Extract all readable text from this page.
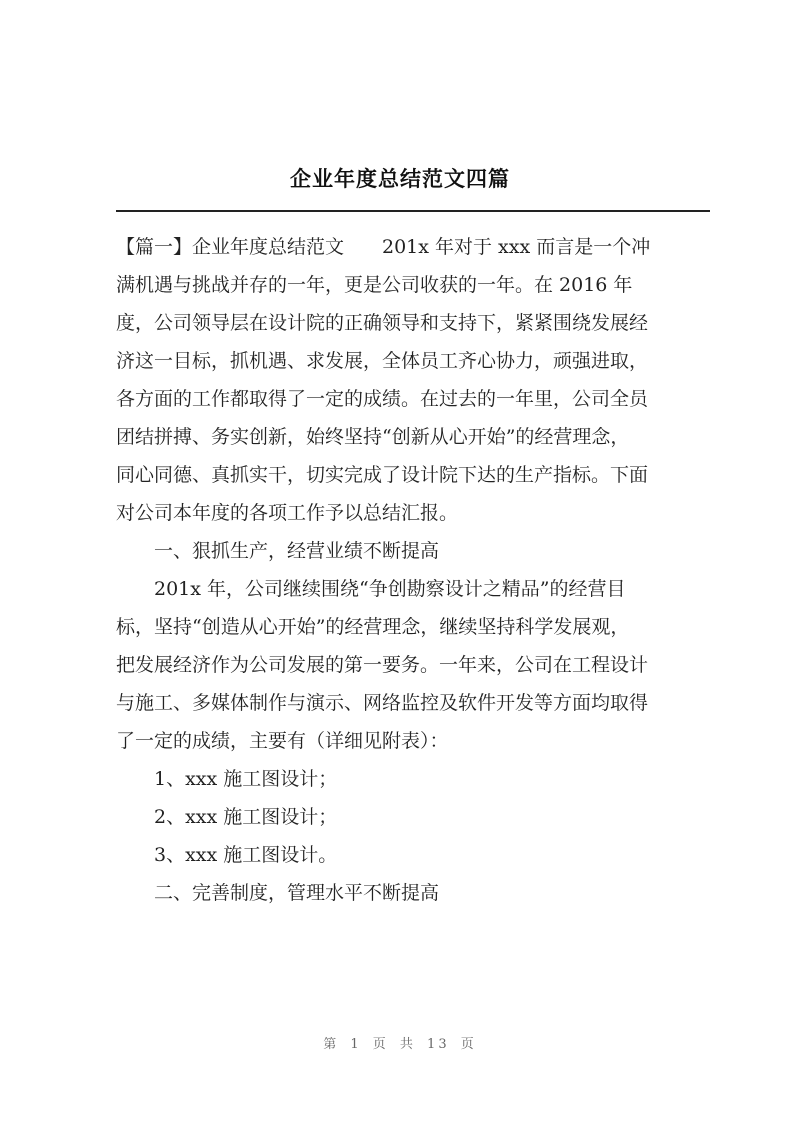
企业年度总结范文四篇

【篇一】企业年度总结范文　　201x 年对于 xxx 而言是一个冲

满机遇与挑战并存的一年，更是公司收获的一年。在 2016 年

度，公司领导层在设计院的正确领导和支持下，紧紧围绕发展经

济这一目标，抓机遇、求发展，全体员工齐心协力，顽强进取，

各方面的工作都取得了一定的成绩。在过去的一年里，公司全员

团结拼搏、务实创新，始终坚持“创新从心开始”的经营理念，

同心同德、真抓实干，切实完成了设计院下达的生产指标。下面

对公司本年度的各项工作予以总结汇报。

一、狠抓生产，经营业绩不断提高

201x 年，公司继续围绕“争创勘察设计之精品”的经营目

标，坚持“创造从心开始”的经营理念，继续坚持科学发展观，

把发展经济作为公司发展的第一要务。一年来，公司在工程设计

与施工、多媒体制作与演示、网络监控及软件开发等方面均取得

了一定的成绩，主要有（详细见附表）：

1、xxx 施工图设计；

2、xxx 施工图设计；

3、xxx 施工图设计。

二、完善制度，管理水平不断提高

第 1 页 共 13 页
